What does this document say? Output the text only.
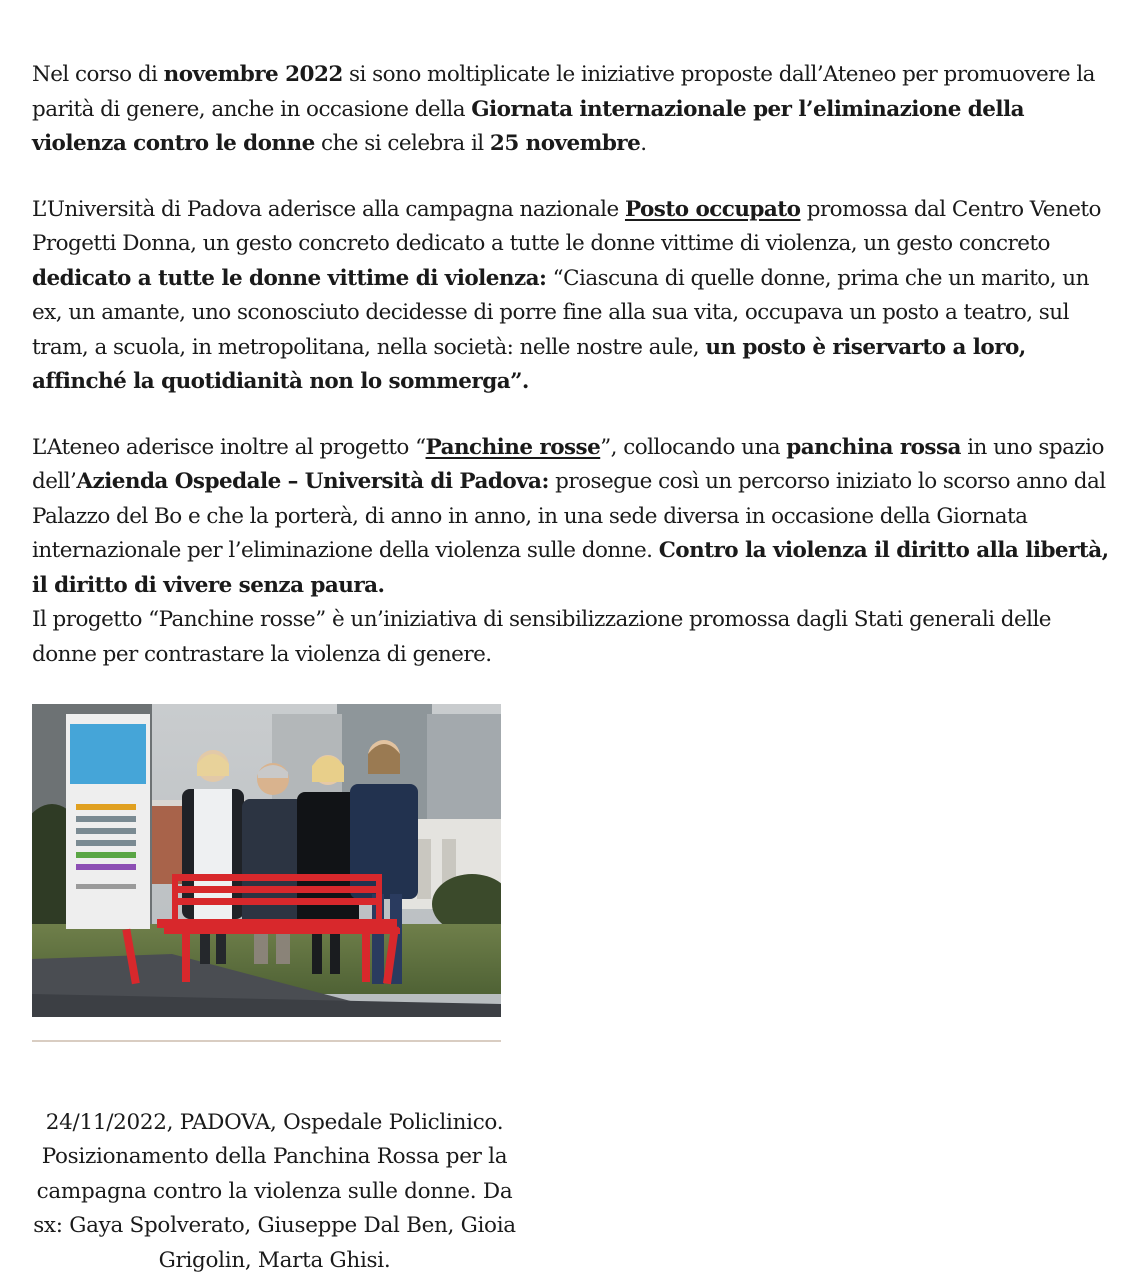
Nel corso di novembre 2022 si sono moltiplicate le iniziative proposte dall’Ateneo per promuovere la parità di genere, anche in occasione della Giornata internazionale per l’eliminazione della violenza contro le donne che si celebra il 25 novembre.

L’Università di Padova aderisce alla campagna nazionale Posto occupato promossa dal Centro Veneto Progetti Donna, un gesto concreto dedicato a tutte le donne vittime di violenza, un gesto concreto dedicato a tutte le donne vittime di violenza: “Ciascuna di quelle donne, prima che un marito, un ex, un amante, uno sconosciuto decidesse di porre fine alla sua vita, occupava un posto a teatro, sul tram, a scuola, in metropolitana, nella società: nelle nostre aule, un posto è riservarto a loro, affinché la quotidianità non lo sommerga”.

L’Ateneo aderisce inoltre al progetto “Panchine rosse”, collocando una panchina rossa in uno spazio dell’Azienda Ospedale – Università di Padova: prosegue così un percorso iniziato lo scorso anno dal Palazzo del Bo e che la porterà, di anno in anno, in una sede diversa in occasione della Giornata internazionale per l’eliminazione della violenza sulle donne. Contro la violenza il diritto alla libertà, il diritto di vivere senza paura.

Il progetto “Panchine rosse” è un’iniziativa di sensibilizzazione promossa dagli Stati generali delle donne per contrastare la violenza di genere.

24/11/2022, PADOVA, Ospedale Policlinico. Posizionamento della Panchina Rossa per la campagna contro la violenza sulle donne. Da sx: Gaya Spolverato, Giuseppe Dal Ben, Gioia Grigolin, Marta Ghisi.
